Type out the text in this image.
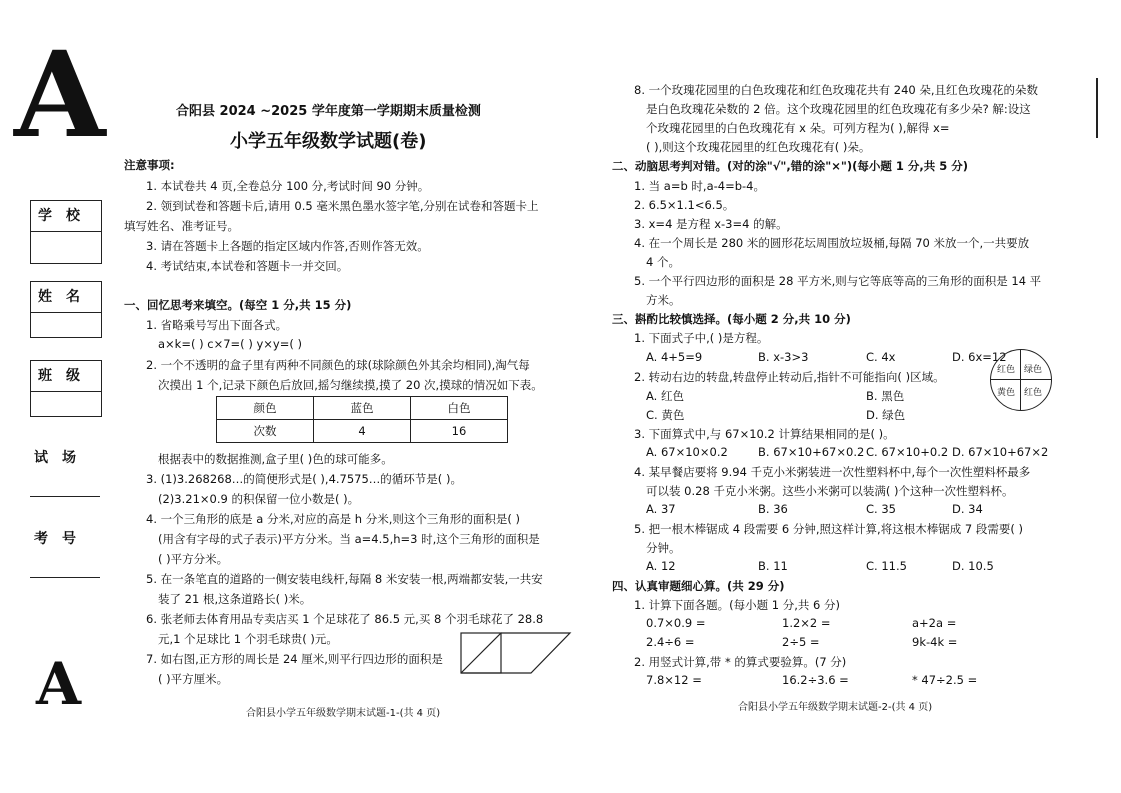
A
A
合阳县 2024 ~2025 学年度第一学期期末质量检测
小学五年级数学试题(卷)
注意事项:
1. 本试卷共 4 页,全卷总分 100 分,考试时间 90 分钟。
2. 领到试卷和答题卡后,请用 0.5 毫米黑色墨水签字笔,分别在试卷和答题卡上
填写姓名、准考证号。
3. 请在答题卡上各题的指定区域内作答,否则作答无效。
4. 考试结束,本试卷和答题卡一并交回。
学校
姓名
班级
试场
考号
一、回忆思考来填空。(每空 1 分,共 15 分)
1. 省略乘号写出下面各式。
a×k=( ) c×7=( ) y×y=( )
2. 一个不透明的盒子里有两种不同颜色的球(球除颜色外其余均相同),淘气每
次摸出 1 个,记录下颜色后放回,摇匀继续摸,摸了 20 次,摸球的情况如下表。
颜色	蓝色	白色
次数	4	16
根据表中的数据推测,盒子里( )色的球可能多。
3. (1)3.268268…的简便形式是( ),4.7575…的循环节是( )。
(2)3.21×0.9 的积保留一位小数是( )。
4. 一个三角形的底是 a 分米,对应的高是 h 分米,则这个三角形的面积是( )
(用含有字母的式子表示)平方分米。当 a=4.5,h=3 时,这个三角形的面积是
( )平方分米。
5. 在一条笔直的道路的一侧安装电线杆,每隔 8 米安装一根,两端都安装,一共安
装了 21 根,这条道路长( )米。
6. 张老师去体育用品专卖店买 1 个足球花了 86.5 元,买 8 个羽毛球花了 28.8
元,1 个足球比 1 个羽毛球贵( )元。
7. 如右图,正方形的周长是 24 厘米,则平行四边形的面积是
( )平方厘米。
合阳县小学五年级数学期末试题-1-(共 4 页)
8. 一个玫瑰花园里的白色玫瑰花和红色玫瑰花共有 240 朵,且红色玫瑰花的朵数
是白色玫瑰花朵数的 2 倍。这个玫瑰花园里的红色玫瑰花有多少朵? 解:设这
个玫瑰花园里的白色玫瑰花有 x 朵。可列方程为( ),解得 x=
( ),则这个玫瑰花园里的红色玫瑰花有( )朵。
二、动脑思考判对错。(对的涂"√",错的涂"×")(每小题 1 分,共 5 分)
1. 当 a=b 时,a-4=b-4。
2. 6.5×1.1<6.5。
3. x=4 是方程 x-3=4 的解。
4. 在一个周长是 280 米的圆形花坛周围放垃圾桶,每隔 70 米放一个,一共要放
4 个。
5. 一个平行四边形的面积是 28 平方米,则与它等底等高的三角形的面积是 14 平
方米。
三、斟酌比较慎选择。(每小题 2 分,共 10 分)
1. 下面式子中,( )是方程。
A. 4+5=9	B. x-3>3	C. 4x	D. 6x=12
2. 转动右边的转盘,转盘停止转动后,指针不可能指向( )区域。
A. 红色	B. 黑色
C. 黄色	D. 绿色
红色 绿色
黄色 红色
3. 下面算式中,与 67×10.2 计算结果相同的是( )。
A. 67×10×0.2	B. 67×10+67×0.2 C. 67×10+0.2 D. 67×10+67×2
4. 某早餐店要将 9.94 千克小米粥装进一次性塑料杯中,每个一次性塑料杯最多
可以装 0.28 千克小米粥。这些小米粥可以装满( )个这种一次性塑料杯。
A. 37	B. 36	C. 35	D. 34
5. 把一根木棒锯成 4 段需要 6 分钟,照这样计算,将这根木棒锯成 7 段需要( )
分钟。
A. 12	B. 11	C. 11.5	D. 10.5
四、认真审题细心算。(共 29 分)
1. 计算下面各题。(每小题 1 分,共 6 分)
0.7×0.9 =	1.2×2 =	a+2a =
2.4÷6 =	2÷5 =	9k-4k =
2. 用竖式计算,带 * 的算式要验算。(7 分)
7.8×12 =	16.2÷3.6 =	* 47÷2.5 =
合阳县小学五年级数学期末试题-2-(共 4 页)
